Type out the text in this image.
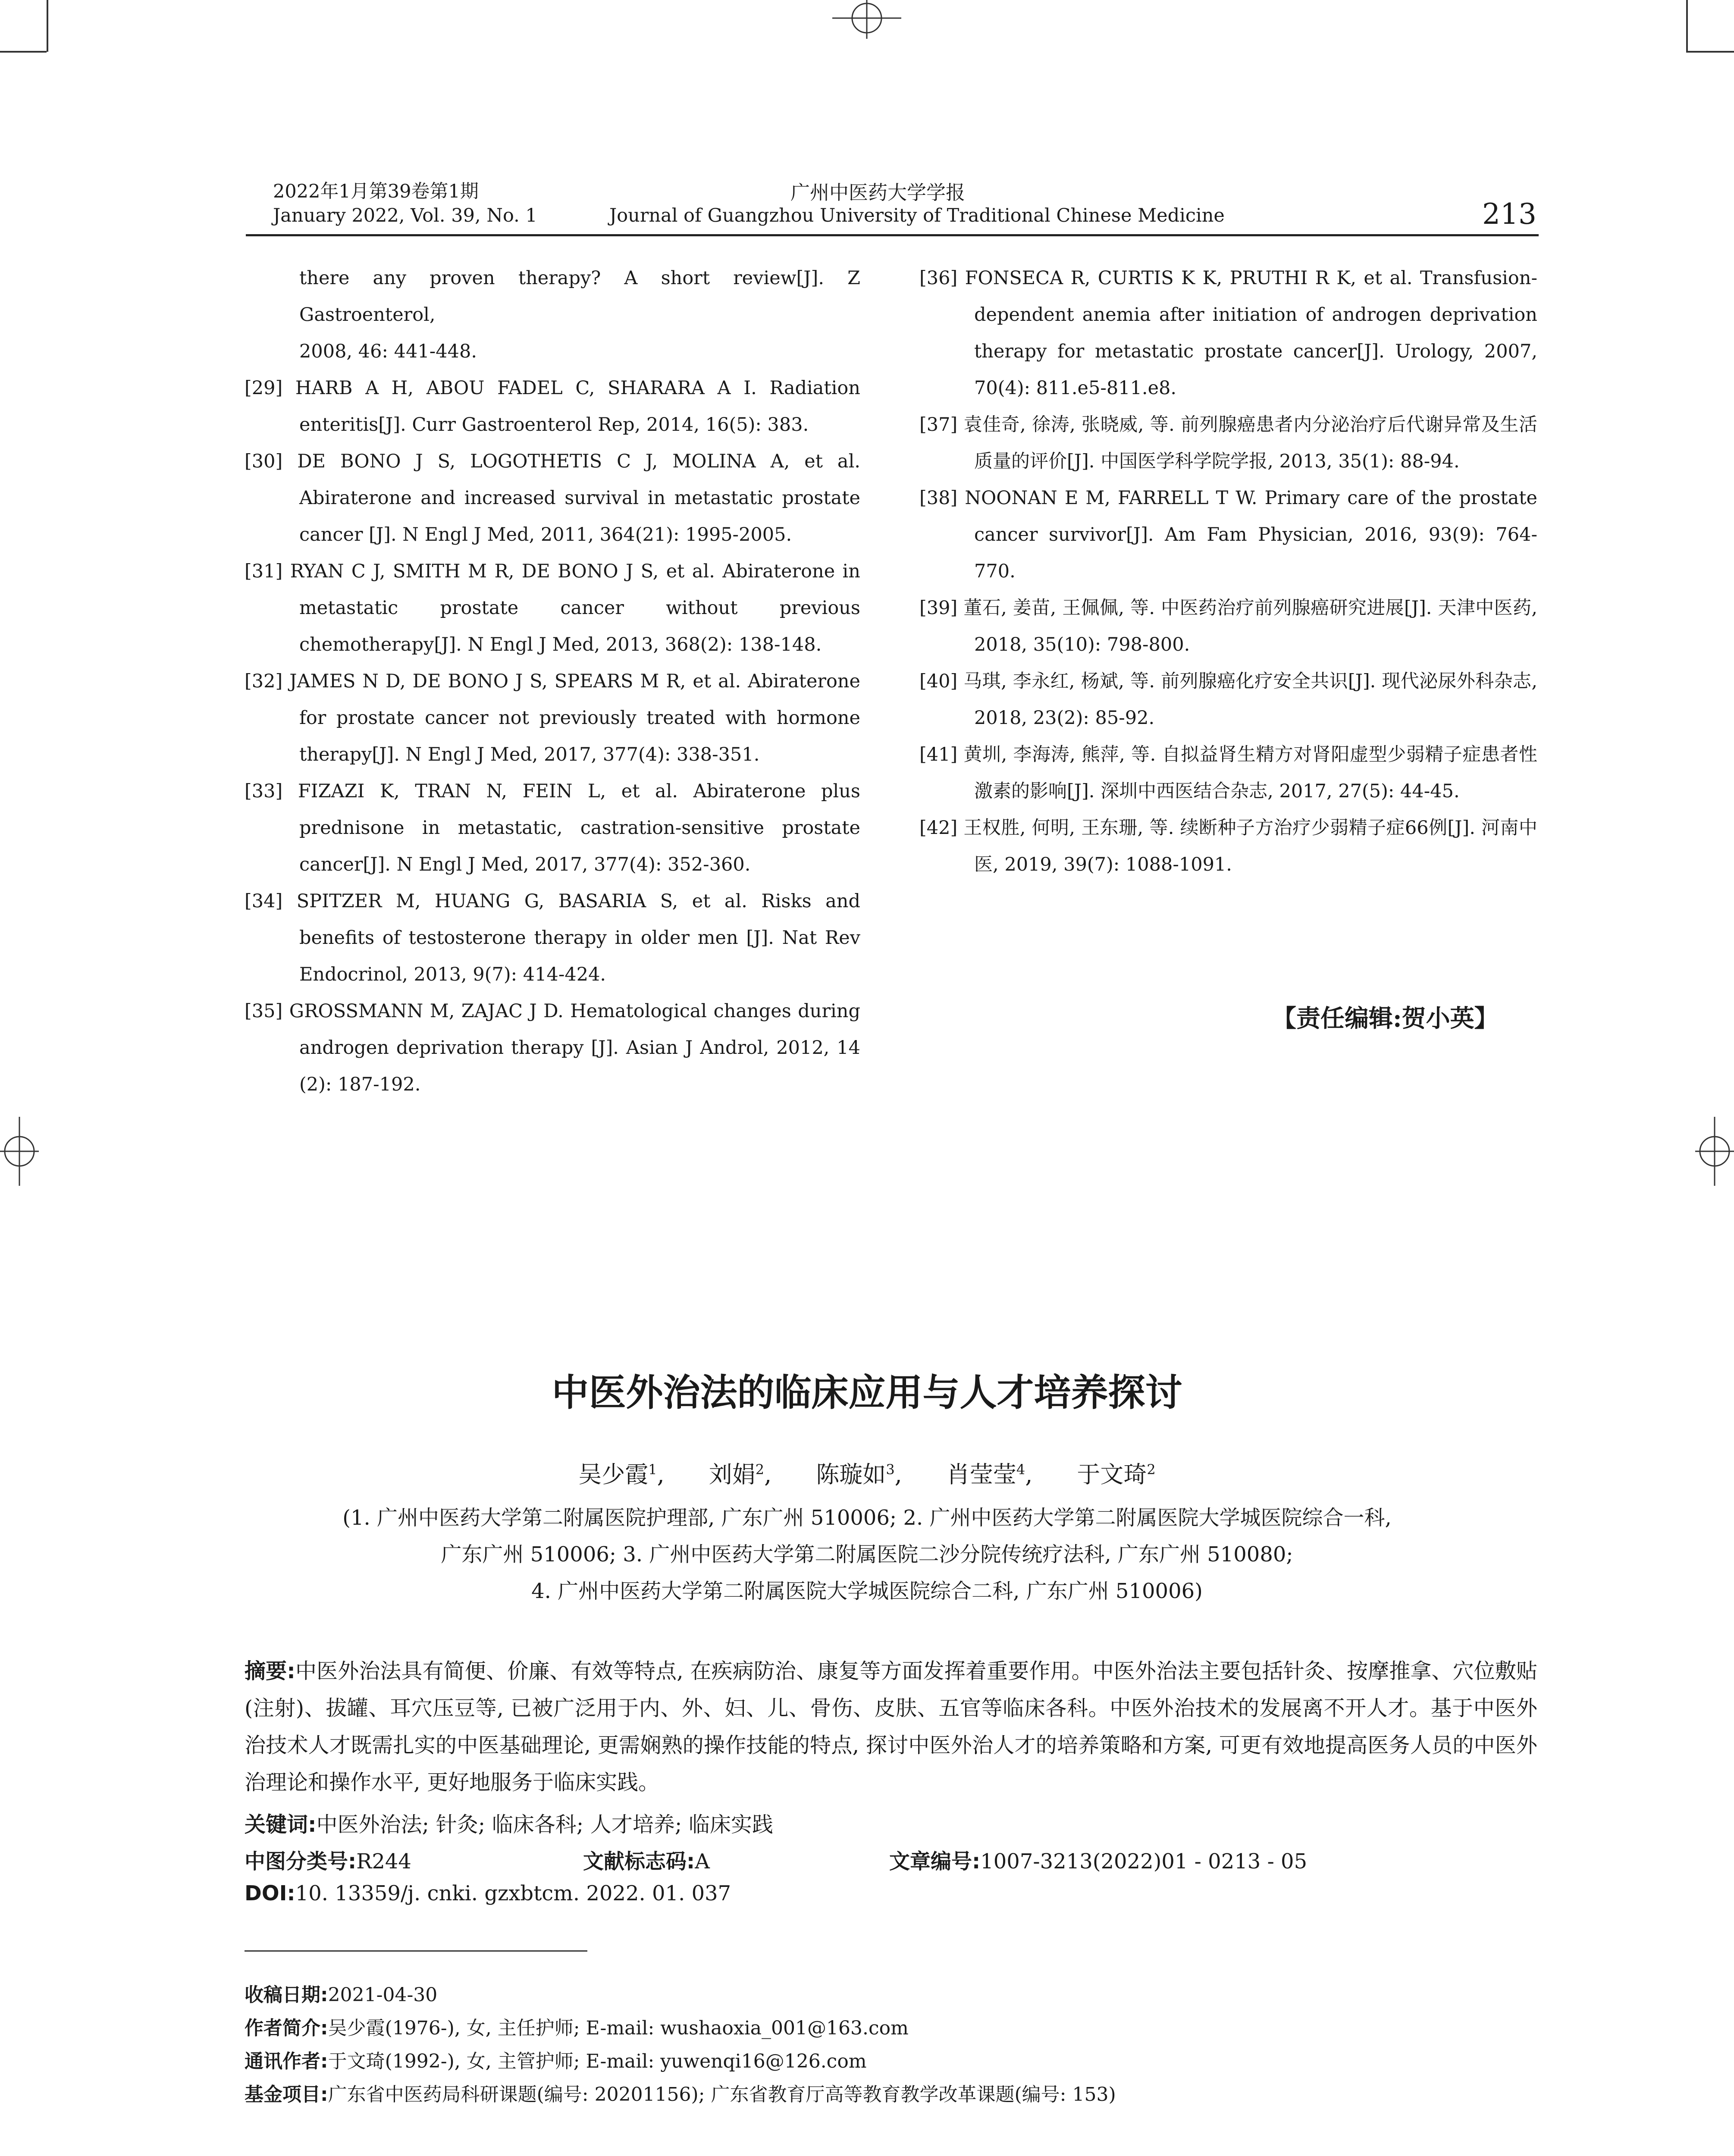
2022年1月第39卷第1期
January 2022, Vol. 39, No. 1
广州中医药大学学报
Journal of Guangzhou University of Traditional Chinese Medicine	213
there any proven therapy? A short review[J]. Z Gastroenterol,
2008, 46: 441-448.
[29] HARB A H, ABOU FADEL C, SHARARA A I. Radiation enteritis[J]. Curr Gastroenterol Rep, 2014, 16(5): 383.
[30] DE BONO J S, LOGOTHETIS C J, MOLINA A, et al. Abiraterone and increased survival in metastatic prostate cancer [J]. N Engl J Med, 2011, 364(21): 1995-2005.
[31] RYAN C J, SMITH M R, DE BONO J S, et al. Abiraterone in metastatic prostate cancer without previous chemotherapy[J]. N Engl J Med, 2013, 368(2): 138-148.
[32] JAMES N D, DE BONO J S, SPEARS M R, et al. Abiraterone for prostate cancer not previously treated with hormone therapy[J]. N Engl J Med, 2017, 377(4): 338-351.
[33] FIZAZI K, TRAN N, FEIN L, et al. Abiraterone plus prednisone in metastatic, castration-sensitive prostate cancer[J]. N Engl J Med, 2017, 377(4): 352-360.
[34] SPITZER M, HUANG G, BASARIA S, et al. Risks and benefits of testosterone therapy in older men [J]. Nat Rev Endocrinol, 2013, 9(7): 414-424.
[35] GROSSMANN M, ZAJAC J D. Hematological changes during androgen deprivation therapy [J]. Asian J Androl, 2012, 14 (2): 187-192.
[36] FONSECA R, CURTIS K K, PRUTHI R K, et al. Transfusion-dependent anemia after initiation of androgen deprivation therapy for metastatic prostate cancer[J]. Urology, 2007, 70(4): 811.e5-811.e8.
[37] 袁佳奇, 徐涛, 张晓威, 等. 前列腺癌患者内分泌治疗后代谢异常及生活质量的评价[J]. 中国医学科学院学报, 2013, 35(1): 88-94.
[38] NOONAN E M, FARRELL T W. Primary care of the prostate cancer survivor[J]. Am Fam Physician, 2016, 93(9): 764-770.
[39] 董石, 姜苗, 王佩佩, 等. 中医药治疗前列腺癌研究进展[J]. 天津中医药, 2018, 35(10): 798-800.
[40] 马琪, 李永红, 杨斌, 等. 前列腺癌化疗安全共识[J]. 现代泌尿外科杂志, 2018, 23(2): 85-92.
[41] 黄圳, 李海涛, 熊萍, 等. 自拟益肾生精方对肾阳虚型少弱精子症患者性激素的影响[J]. 深圳中西医结合杂志, 2017, 27(5): 44-45.
[42] 王权胜, 何明, 王东珊, 等. 续断种子方治疗少弱精子症66例[J]. 河南中医, 2019, 39(7): 1088-1091.
【责任编辑:贺小英】
中医外治法的临床应用与人才培养探讨
吴少霞$^1$,      刘娟$^2$,      陈璇如$^3$,      肖莹莹$^4$,      于文琦$^2$
(1. 广州中医药大学第二附属医院护理部, 广东广州 510006; 2. 广州中医药大学第二附属医院大学城医院综合一科,
广东广州 510006; 3. 广州中医药大学第二附属医院二沙分院传统疗法科, 广东广州 510080;
4. 广州中医药大学第二附属医院大学城医院综合二科, 广东广州 510006)
摘要:中医外治法具有简便、价廉、有效等特点, 在疾病防治、康复等方面发挥着重要作用。中医外治法主要包括针灸、按摩推拿、穴位敷贴(注射)、拔罐、耳穴压豆等, 已被广泛用于内、外、妇、儿、骨伤、皮肤、五官等临床各科。中医外治技术的发展离不开人才。基于中医外治技术人才既需扎实的中医基础理论, 更需娴熟的操作技能的特点, 探讨中医外治人才的培养策略和方案, 可更有效地提高医务人员的中医外治理论和操作水平, 更好地服务于临床实践。
关键词:中医外治法; 针灸; 临床各科; 人才培养; 临床实践
中图分类号:R244	文献标志码:A	文章编号:1007-3213(2022)01 - 0213 - 05
DOI:10. 13359/j. cnki. gzxbtcm. 2022. 01. 037
收稿日期:2021-04-30
作者简介:吴少霞(1976-), 女, 主任护师; E-mail: wushaoxia_001@163.com
通讯作者:于文琦(1992-), 女, 主管护师; E-mail: yuwenqi16@126.com
基金项目:广东省中医药局科研课题(编号: 20201156); 广东省教育厅高等教育教学改革课题(编号: 153)
